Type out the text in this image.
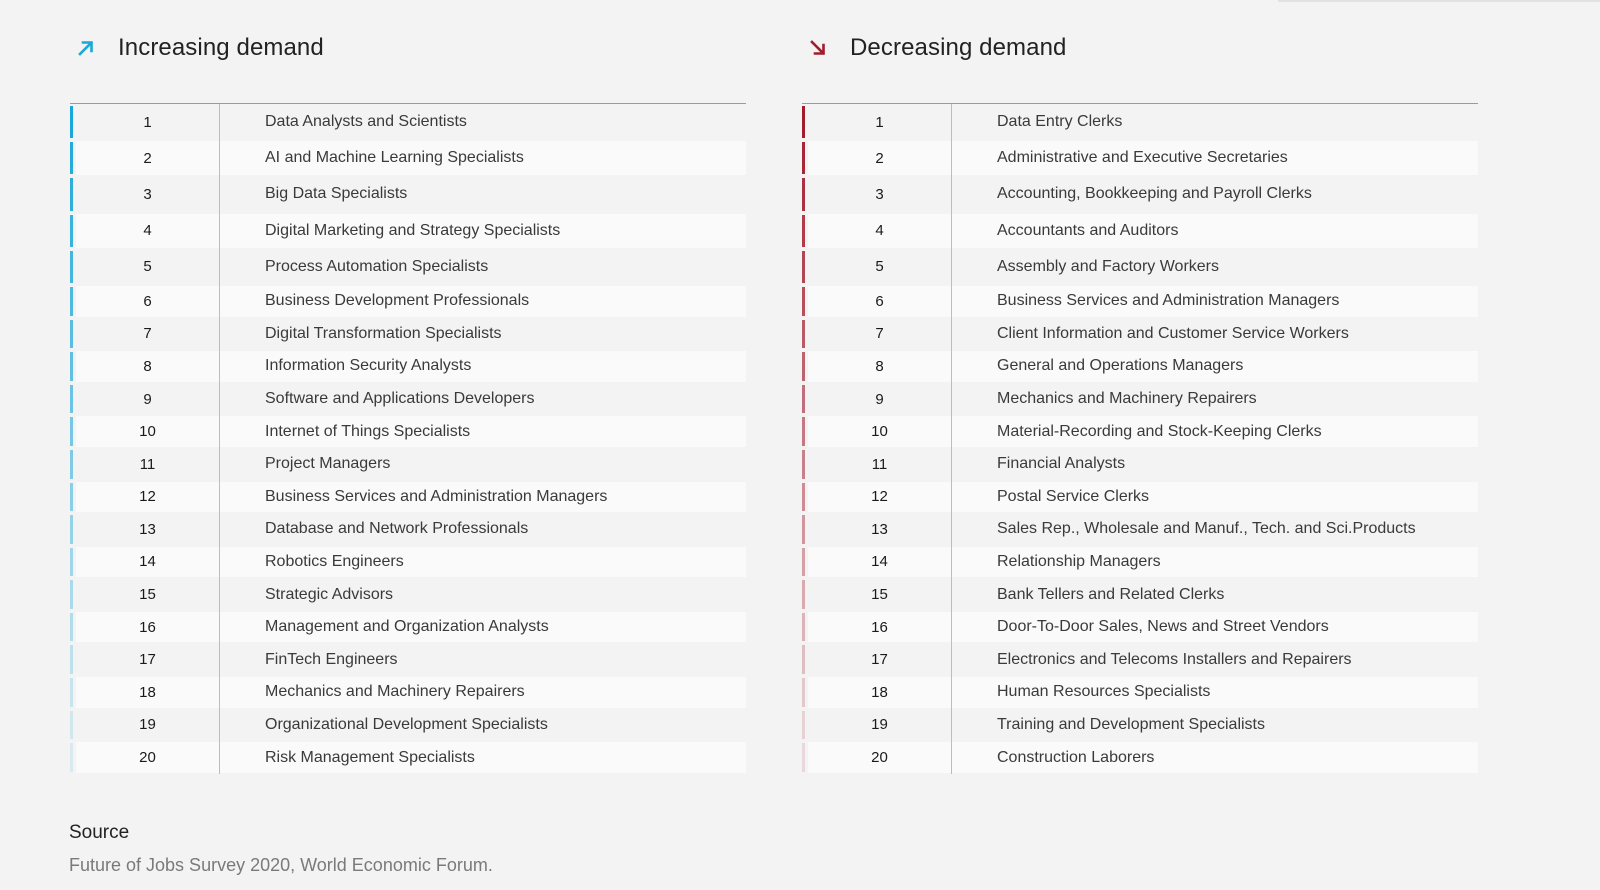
Increasing demand
1	Data Analysts and Scientists
2	AI and Machine Learning Specialists
3	Big Data Specialists
4	Digital Marketing and Strategy Specialists
5	Process Automation Specialists
6	Business Development Professionals
7	Digital Transformation Specialists
8	Information Security Analysts
9	Software and Applications Developers
10	Internet of Things Specialists
11	Project Managers
12	Business Services and Administration Managers
13	Database and Network Professionals
14	Robotics Engineers
15	Strategic Advisors
16	Management and Organization Analysts
17	FinTech Engineers
18	Mechanics and Machinery Repairers
19	Organizational Development Specialists
20	Risk Management Specialists
Decreasing demand
1	Data Entry Clerks
2	Administrative and Executive Secretaries
3	Accounting, Bookkeeping and Payroll Clerks
4	Accountants and Auditors
5	Assembly and Factory Workers
6	Business Services and Administration Managers
7	Client Information and Customer Service Workers
8	General and Operations Managers
9	Mechanics and Machinery Repairers
10	Material-Recording and Stock-Keeping Clerks
11	Financial Analysts
12	Postal Service Clerks
13	Sales Rep., Wholesale and Manuf., Tech. and Sci.Products
14	Relationship Managers
15	Bank Tellers and Related Clerks
16	Door-To-Door Sales, News and Street Vendors
17	Electronics and Telecoms Installers and Repairers
18	Human Resources Specialists
19	Training and Development Specialists
20	Construction Laborers
Source
Future of Jobs Survey 2020, World Economic Forum.
